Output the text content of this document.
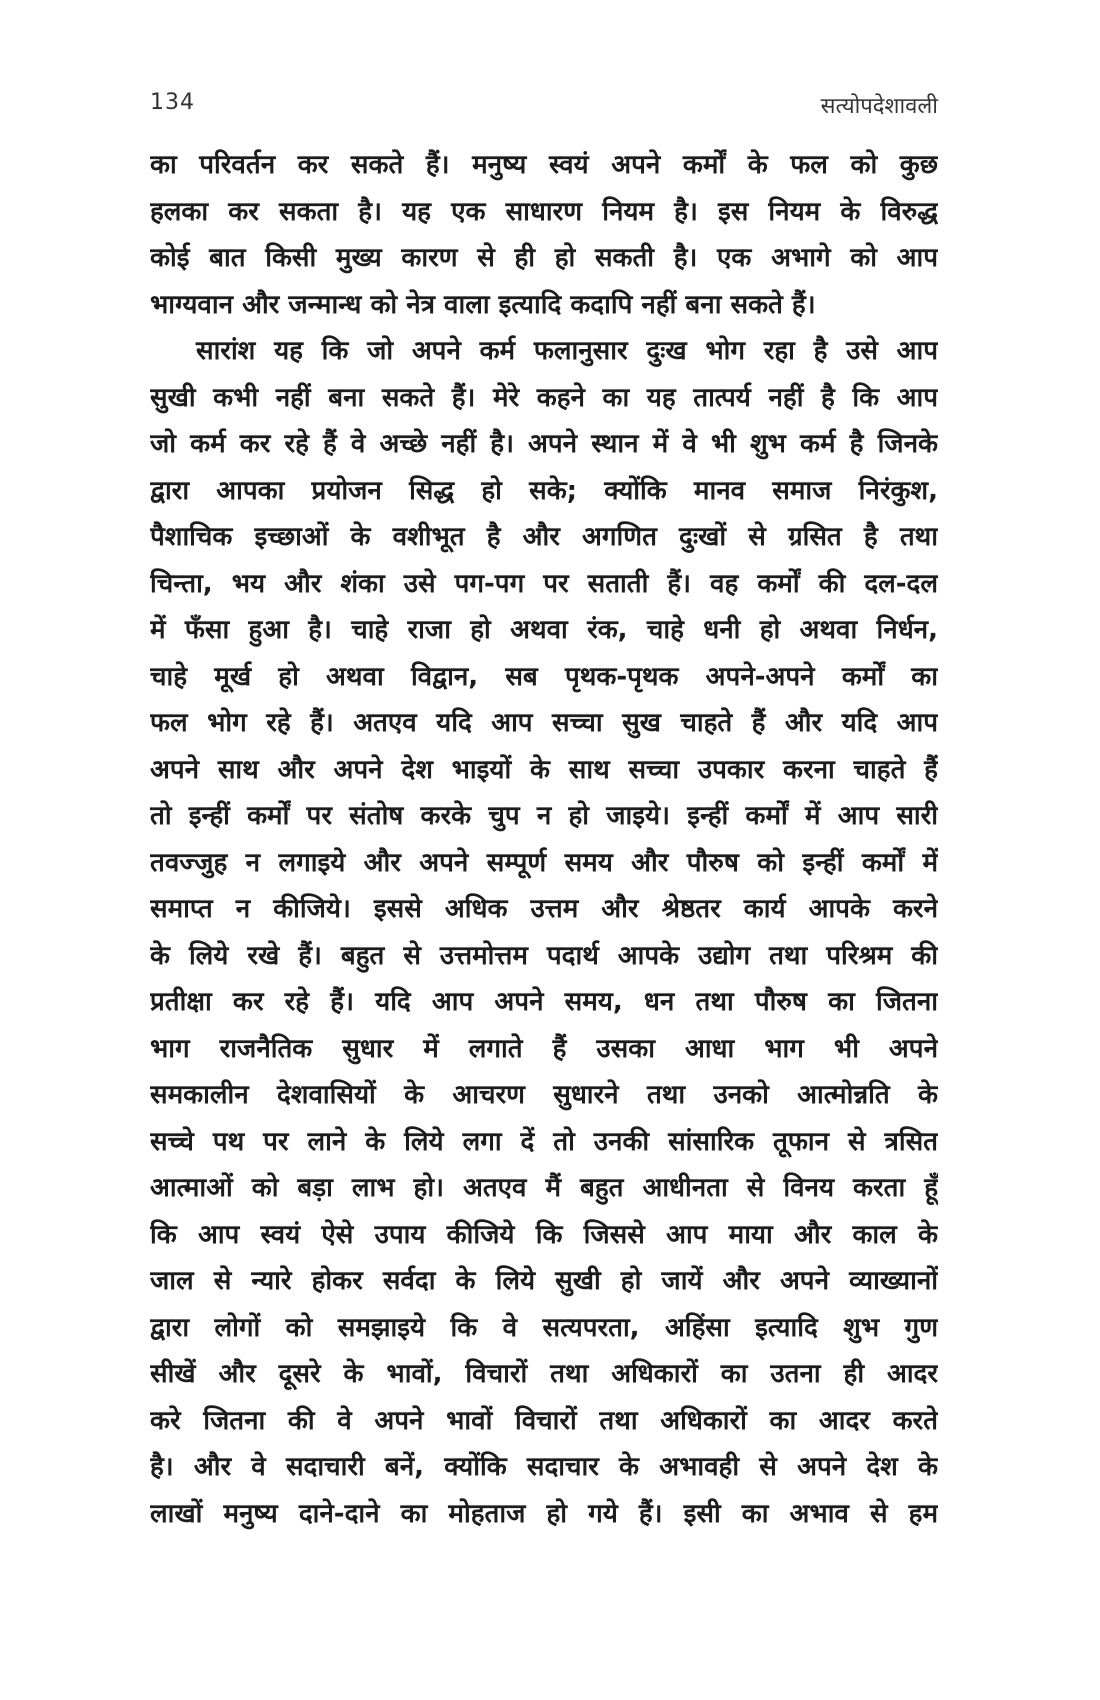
134	सत्योपदेशावली
का परिवर्तन कर सकते हैं। मनुष्य स्वयं अपने कर्मों के फल को कुछ
हलका कर सकता है। यह एक साधारण नियम है। इस नियम के विरुद्ध
कोई बात किसी मुख्य कारण से ही हो सकती है। एक अभागे को आप
भाग्यवान और जन्मान्ध को नेत्र वाला इत्यादि कदापि नहीं बना सकते हैं।
सारांश यह कि जो अपने कर्म फलानुसार दुःख भोग रहा है उसे आप
सुखी कभी नहीं बना सकते हैं। मेरे कहने का यह तात्पर्य नहीं है कि आप
जो कर्म कर रहे हैं वे अच्छे नहीं है। अपने स्थान में वे भी शुभ कर्म है जिनके
द्वारा आपका प्रयोजन सिद्ध हो सके; क्योंकि मानव समाज निरंकुश,
पैशाचिक इच्छाओं के वशीभूत है और अगणित दुःखों से ग्रसित है तथा
चिन्ता, भय और शंका उसे पग-पग पर सताती हैं। वह कर्मों की दल-दल
में फँसा हुआ है। चाहे राजा हो अथवा रंक, चाहे धनी हो अथवा निर्धन,
चाहे मूर्ख हो अथवा विद्वान, सब पृथक-पृथक अपने-अपने कर्मों का
फल भोग रहे हैं। अतएव यदि आप सच्चा सुख चाहते हैं और यदि आप
अपने साथ और अपने देश भाइयों के साथ सच्चा उपकार करना चाहते हैं
तो इन्हीं कर्मों पर संतोष करके चुप न हो जाइये। इन्हीं कर्मों में आप सारी
तवज्जुह न लगाइये और अपने सम्पूर्ण समय और पौरुष को इन्हीं कर्मों में
समाप्त न कीजिये। इससे अधिक उत्तम और श्रेष्ठतर कार्य आपके करने
के लिये रखे हैं। बहुत से उत्तमोत्तम पदार्थ आपके उद्योग तथा परिश्रम की
प्रतीक्षा कर रहे हैं। यदि आप अपने समय, धन तथा पौरुष का जितना
भाग राजनैतिक सुधार में लगाते हैं उसका आधा भाग भी अपने
समकालीन देशवासियों के आचरण सुधारने तथा उनको आत्मोन्नति के
सच्चे पथ पर लाने के लिये लगा दें तो उनकी सांसारिक तूफान से त्रसित
आत्माओं को बड़ा लाभ हो। अतएव मैं बहुत आधीनता से विनय करता हूँ
कि आप स्वयं ऐसे उपाय कीजिये कि जिससे आप माया और काल के
जाल से न्यारे होकर सर्वदा के लिये सुखी हो जायें और अपने व्याख्यानों
द्वारा लोगों को समझाइये कि वे सत्यपरता, अहिंसा इत्यादि शुभ गुण
सीखें और दूसरे के भावों, विचारों तथा अधिकारों का उतना ही आदर
करे जितना की वे अपने भावों विचारों तथा अधिकारों का आदर करते
है। और वे सदाचारी बनें, क्योंकि सदाचार के अभावही से अपने देश के
लाखों मनुष्य दाने-दाने का मोहताज हो गये हैं। इसी का अभाव से हम
